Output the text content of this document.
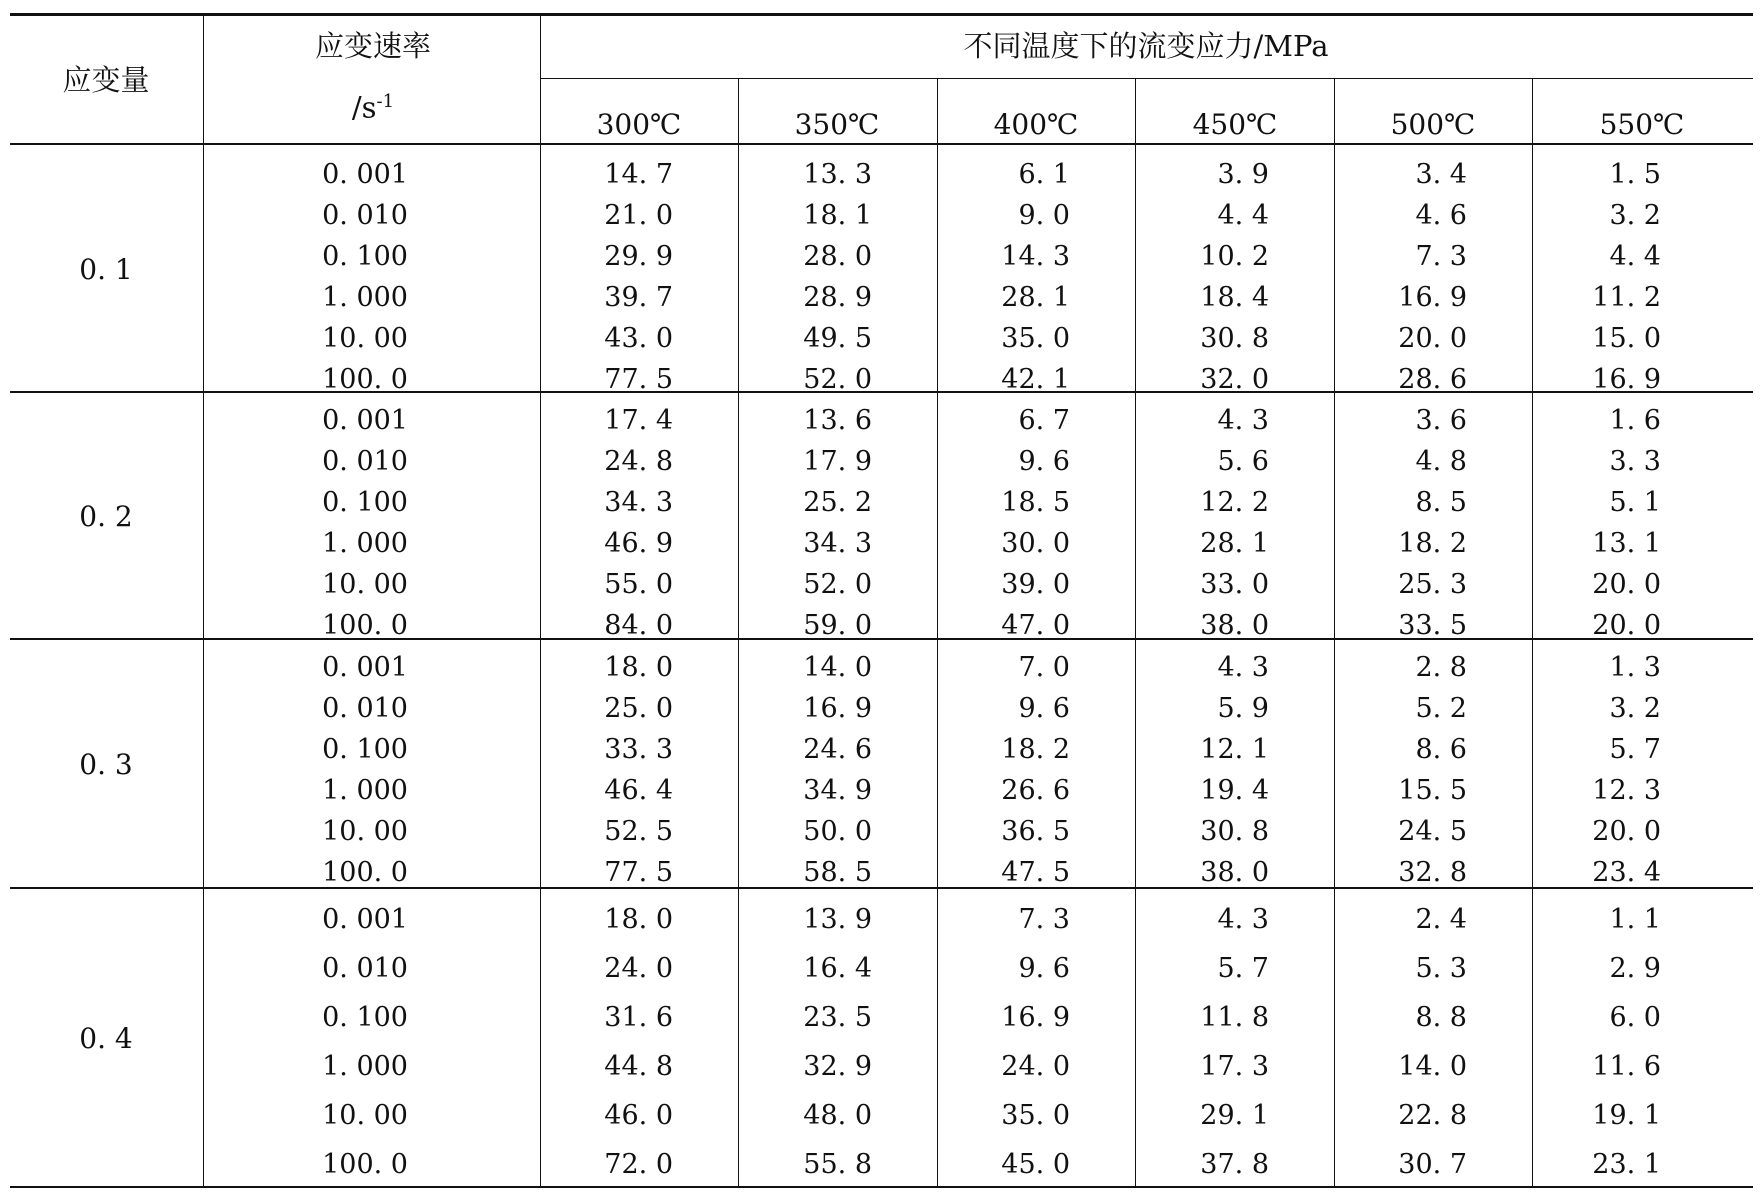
应变量
应变速率
$/s^{-1}$
不同温度下的流变应力/MPa
300℃	350℃	400℃	450℃	500℃	550℃
0. 1
0. 001	14. 7	13. 3	6. 1	3. 9	3. 4	1. 5
0. 010	21. 0	18. 1	9. 0	4. 4	4. 6	3. 2
0. 100	29. 9	28. 0	14. 3	10. 2	7. 3	4. 4
1. 000	39. 7	28. 9	28. 1	18. 4	16. 9	11. 2
10. 00	43. 0	49. 5	35. 0	30. 8	20. 0	15. 0
100. 0	77. 5	52. 0	42. 1	32. 0	28. 6	16. 9
0. 2
0. 001	17. 4	13. 6	6. 7	4. 3	3. 6	1. 6
0. 010	24. 8	17. 9	9. 6	5. 6	4. 8	3. 3
0. 100	34. 3	25. 2	18. 5	12. 2	8. 5	5. 1
1. 000	46. 9	34. 3	30. 0	28. 1	18. 2	13. 1
10. 00	55. 0	52. 0	39. 0	33. 0	25. 3	20. 0
100. 0	84. 0	59. 0	47. 0	38. 0	33. 5	20. 0
0. 3
0. 001	18. 0	14. 0	7. 0	4. 3	2. 8	1. 3
0. 010	25. 0	16. 9	9. 6	5. 9	5. 2	3. 2
0. 100	33. 3	24. 6	18. 2	12. 1	8. 6	5. 7
1. 000	46. 4	34. 9	26. 6	19. 4	15. 5	12. 3
10. 00	52. 5	50. 0	36. 5	30. 8	24. 5	20. 0
100. 0	77. 5	58. 5	47. 5	38. 0	32. 8	23. 4
0. 4
0. 001	18. 0	13. 9	7. 3	4. 3	2. 4	1. 1
0. 010	24. 0	16. 4	9. 6	5. 7	5. 3	2. 9
0. 100	31. 6	23. 5	16. 9	11. 8	8. 8	6. 0
1. 000	44. 8	32. 9	24. 0	17. 3	14. 0	11. 6
10. 00	46. 0	48. 0	35. 0	29. 1	22. 8	19. 1
100. 0	72. 0	55. 8	45. 0	37. 8	30. 7	23. 1
